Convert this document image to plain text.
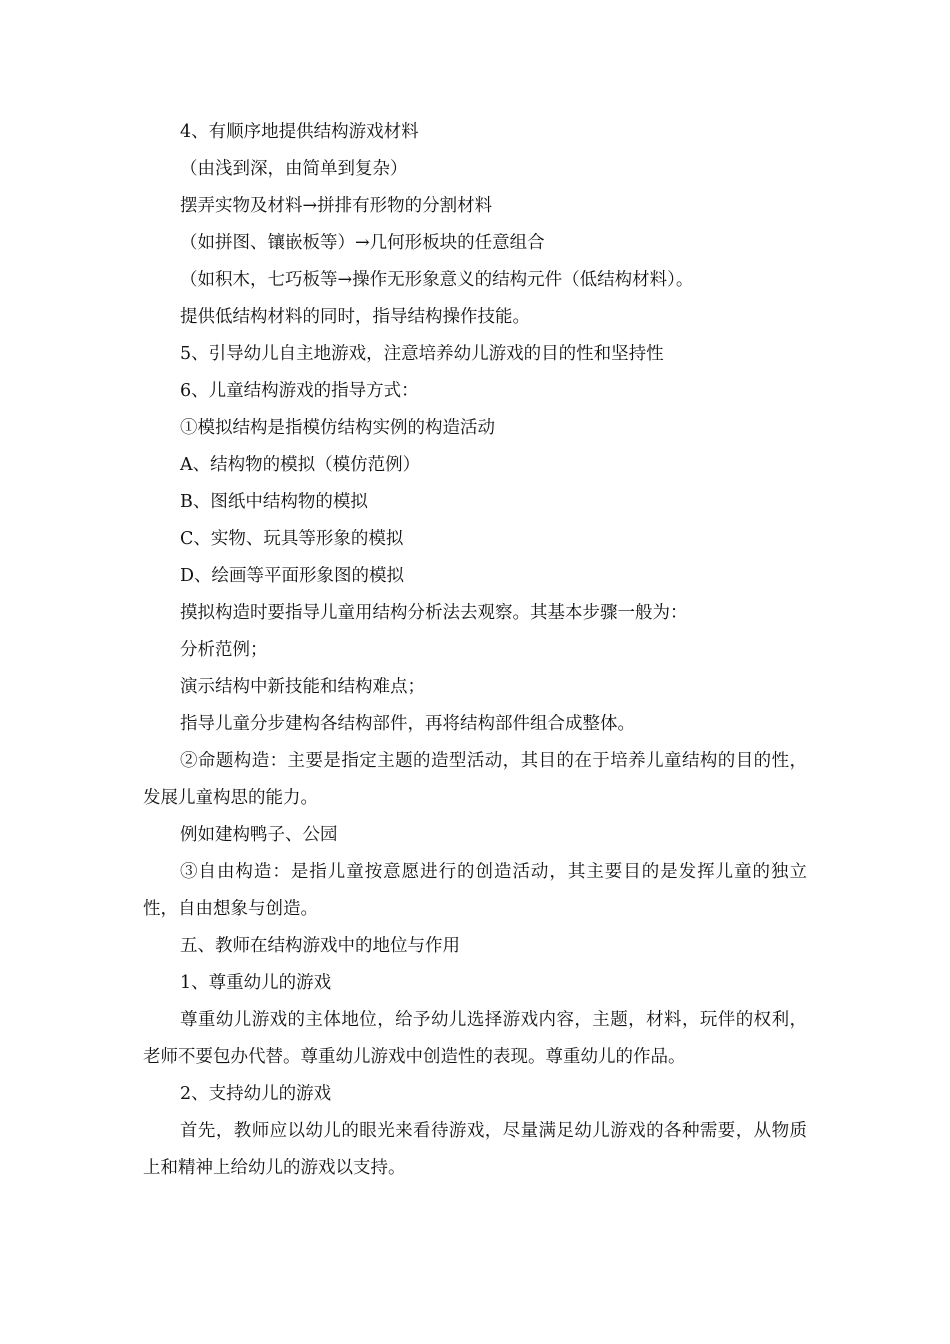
4、有顺序地提供结构游戏材料

（由浅到深，由简单到复杂）

摆弄实物及材料→拼排有形物的分割材料

（如拼图、镶嵌板等）→几何形板块的任意组合

（如积木，七巧板等→操作无形象意义的结构元件（低结构材料）。

提供低结构材料的同时，指导结构操作技能。

5、引导幼儿自主地游戏，注意培养幼儿游戏的目的性和坚持性

6、儿童结构游戏的指导方式：

①模拟结构是指模仿结构实例的构造活动

A、结构物的模拟（模仿范例）

B、图纸中结构物的模拟

C、实物、玩具等形象的模拟

D、绘画等平面形象图的模拟

摸拟构造时要指导儿童用结构分析法去观察。其基本步骤一般为：

分析范例；

演示结构中新技能和结构难点；

指导儿童分步建构各结构部件，再将结构部件组合成整体。

②命题构造：主要是指定主题的造型活动，其目的在于培养儿童结构的目的性，发展儿童构思的能力。

例如建构鸭子、公园

③自由构造：是指儿童按意愿进行的创造活动，其主要目的是发挥儿童的独立性，自由想象与创造。

五、教师在结构游戏中的地位与作用

1、尊重幼儿的游戏

尊重幼儿游戏的主体地位，给予幼儿选择游戏内容，主题，材料，玩伴的权利，老师不要包办代替。尊重幼儿游戏中创造性的表现。尊重幼儿的作品。

2、支持幼儿的游戏

首先，教师应以幼儿的眼光来看待游戏，尽量满足幼儿游戏的各种需要，从物质上和精神上给幼儿的游戏以支持。
